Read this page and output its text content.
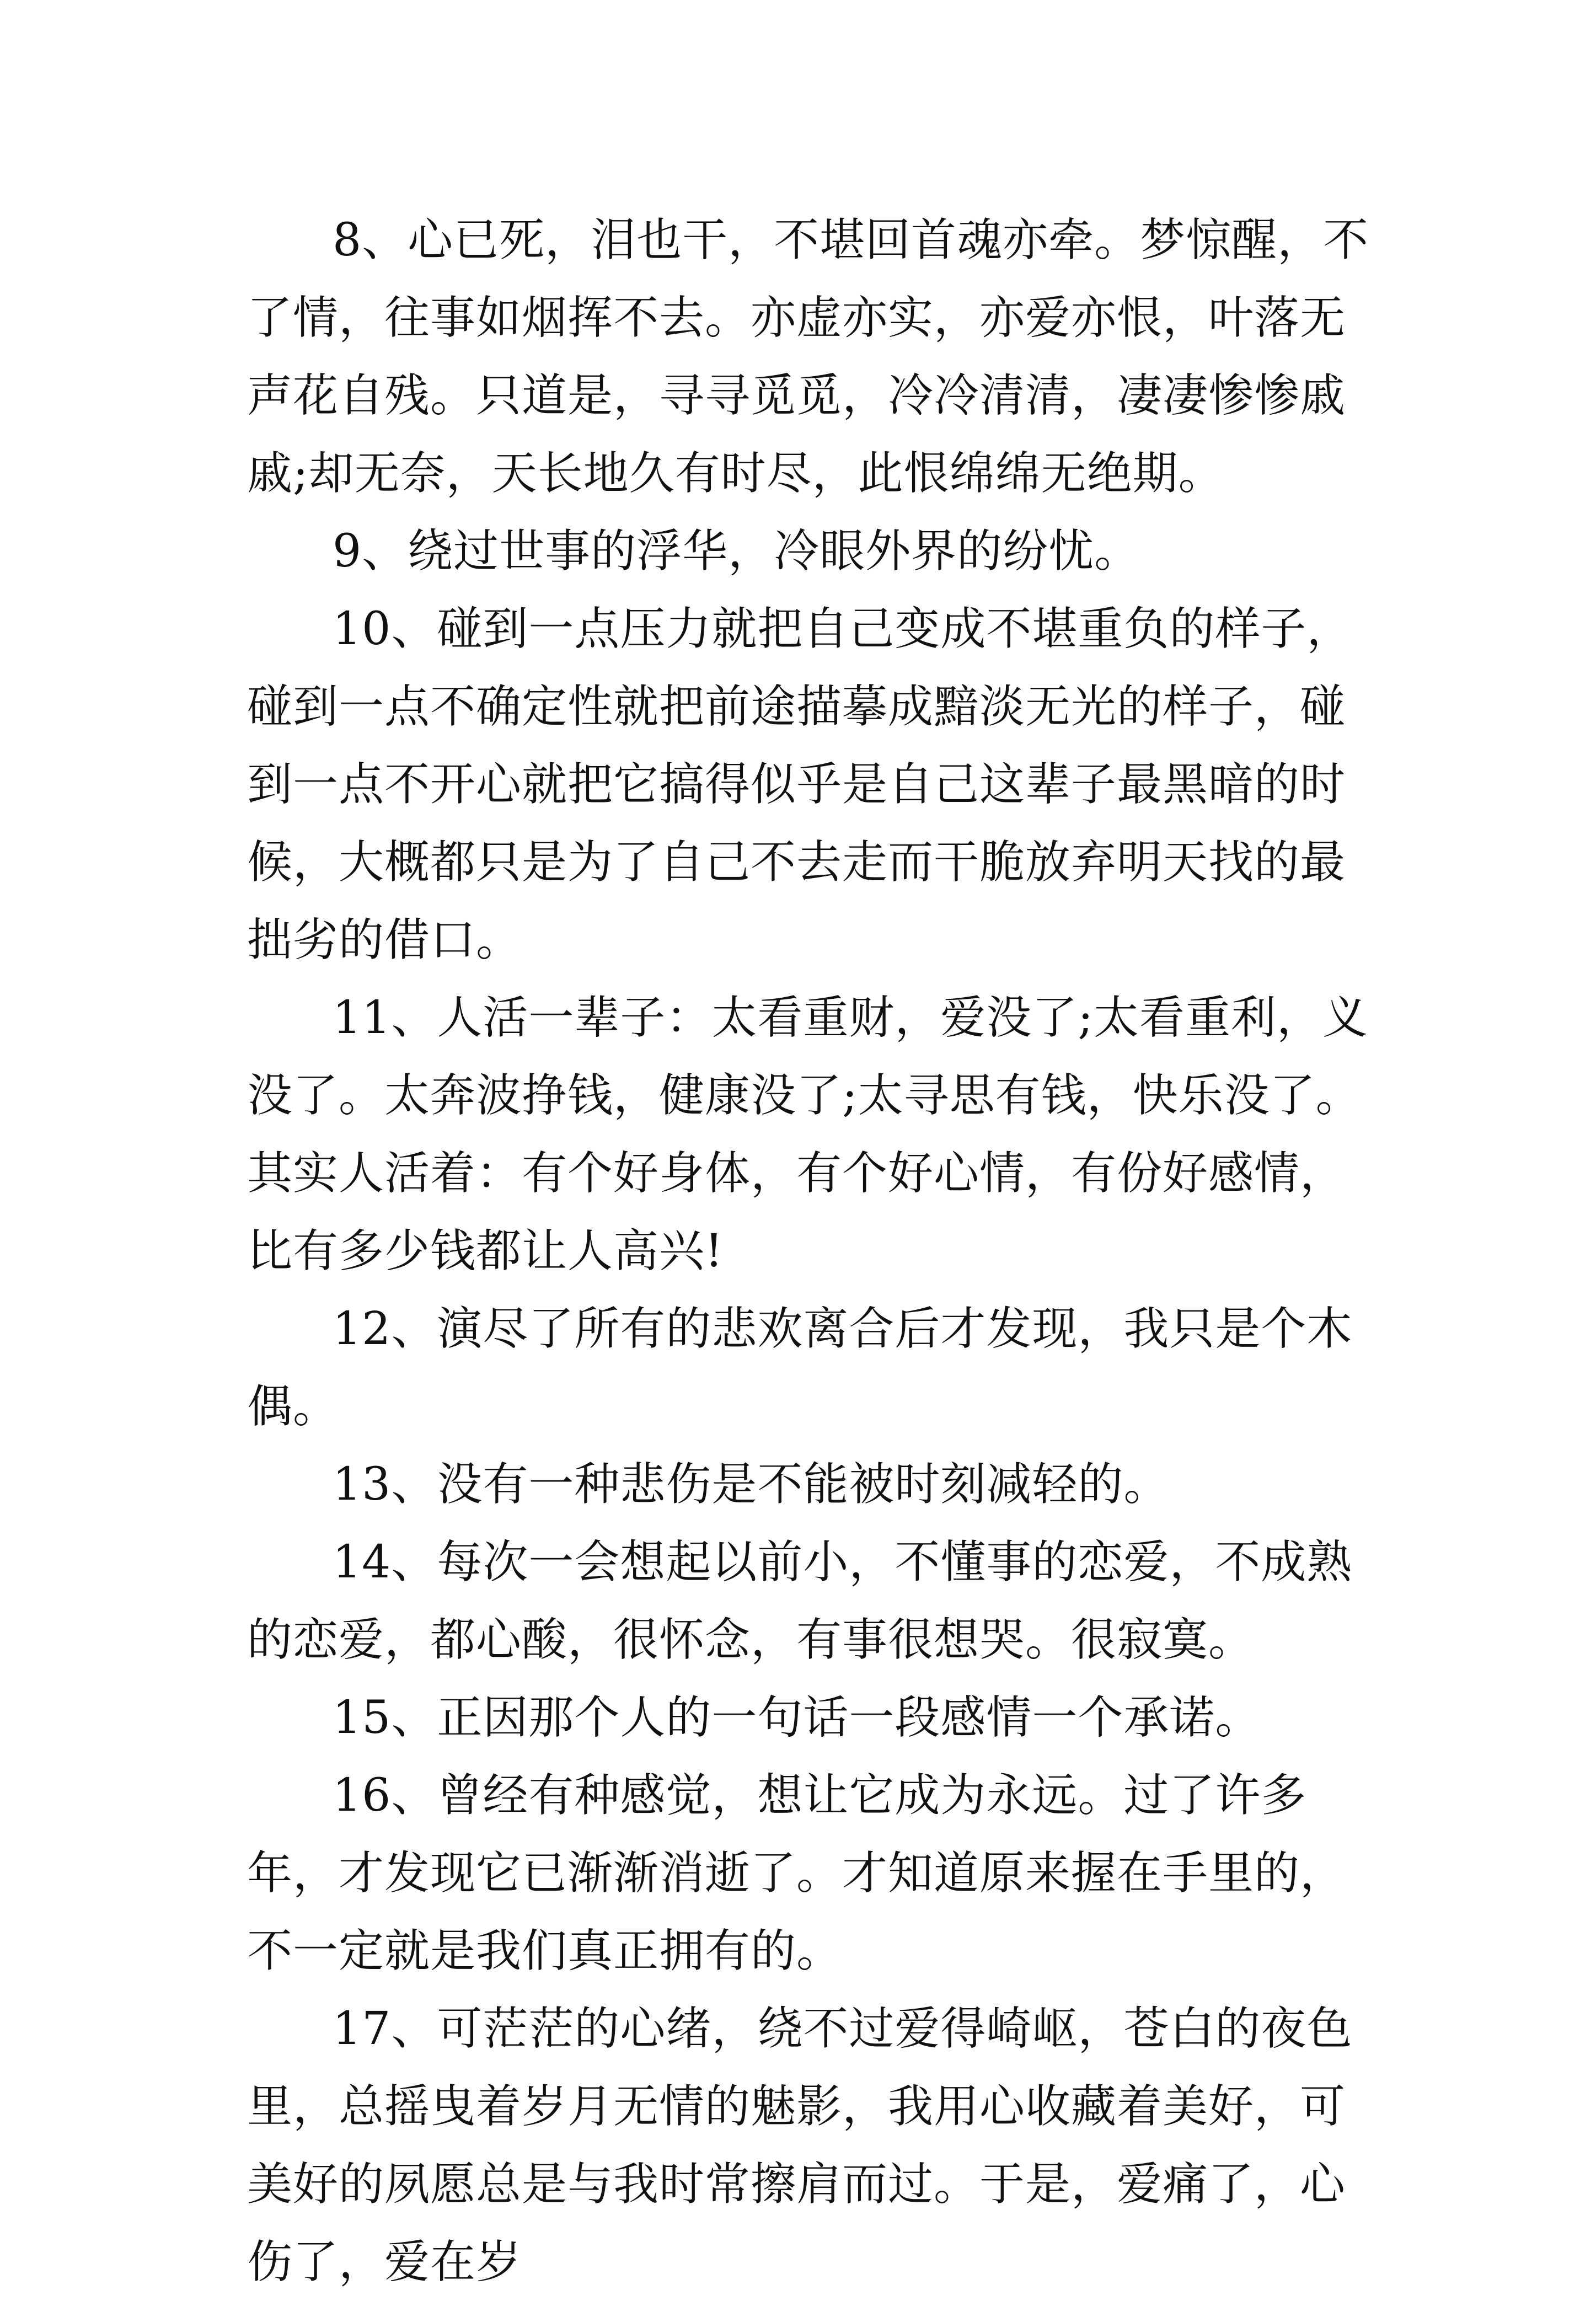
8、心已死，泪也干，不堪回首魂亦牵。梦惊醒，不了情，往事如烟挥不去。亦虚亦实，亦爱亦恨，叶落无声花自残。只道是，寻寻觅觅，冷冷清清，凄凄惨惨戚戚;却无奈，天长地久有时尽，此恨绵绵无绝期。

9、绕过世事的浮华，冷眼外界的纷忧。

10、碰到一点压力就把自己变成不堪重负的样子，碰到一点不确定性就把前途描摹成黯淡无光的样子，碰到一点不开心就把它搞得似乎是自己这辈子最黑暗的时候，大概都只是为了自己不去走而干脆放弃明天找的最拙劣的借口。

11、人活一辈子：太看重财，爱没了;太看重利，义没了。太奔波挣钱，健康没了;太寻思有钱，快乐没了。其实人活着：有个好身体，有个好心情，有份好感情，比有多少钱都让人高兴!

12、演尽了所有的悲欢离合后才发现，我只是个木偶。

13、没有一种悲伤是不能被时刻减轻的。

14、每次一会想起以前小，不懂事的恋爱，不成熟的恋爱，都心酸，很怀念，有事很想哭。很寂寞。

15、正因那个人的一句话一段感情一个承诺。

16、曾经有种感觉，想让它成为永远。过了许多年，才发现它已渐渐消逝了。才知道原来握在手里的，不一定就是我们真正拥有的。

17、可茫茫的心绪，绕不过爱得崎岖，苍白的夜色里，总摇曳着岁月无情的魅影，我用心收藏着美好，可美好的夙愿总是与我时常擦肩而过。于是，爱痛了，心伤了，爱在岁
